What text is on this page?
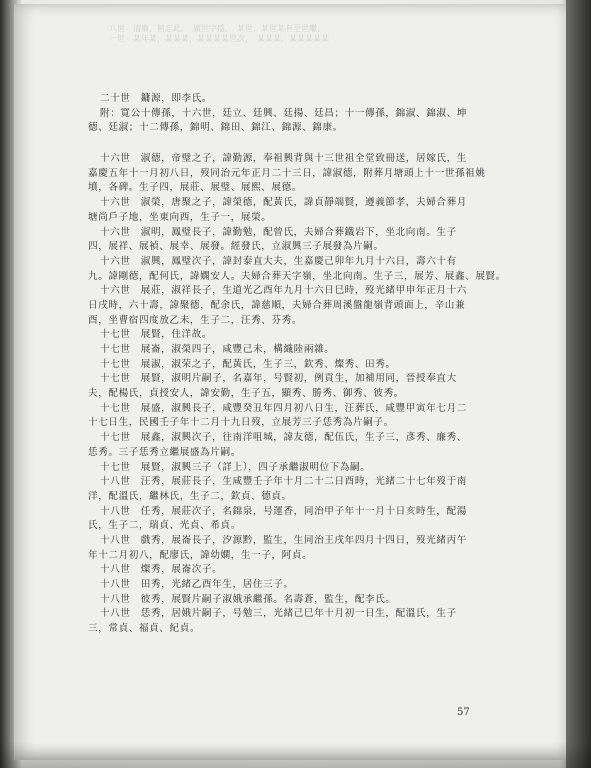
八世　清廉，稍忘此，　廣世字盛，　某世，某世某有至世繼，
一世　某年某，某某某，某某某某世次，　某某某，某某某某某
二十世　鏞源，即李氏。
附：寬公十傳孫，十六世，廷立、廷興、廷揚、廷昌；十一傳孫，錦淑、錦淑、坤
德、廷淑；十二傳孫，錦明、錦田、錦江、錦源、錦康。
十六世　淑德，帝璧之子，諱勤源，奉祖興背與十三世祖全堂致冊送，居嫁氏，生
嘉慶五年十一月初八日，歿同治元年正月二十三日，諱淑德，附葬月塘頭上十一世孫祖姚
墳，各碑。生子四，展莊、展璧、展熙、展德。
十六世　淑榮，唐聚之子，諱榮德，配黃氏，諱貞靜端賢，遵義節孝，夫婦合葬月
塘尚戶子地，坐東向西，生子一，展榮。
十六世　淑明，鳳璧長子，諱勤勉，配曾氏，夫婦合葬鐵岩下，坐北向南。生子
四，展祥、展禎、展幸、展發。經發氏，立淑興三子展發為片嗣。
十六世　淑興，鳳璧次子，諱封泰直大夫，生嘉慶己卯年九月十六日，壽六十有
九。諱剛德，配何氏，諱嫻安人。夫婦合葬天字嶺，坐北向南。生子三，展芳、展鑫、展賢。
十六世　展莊，淑祥長子，生道光乙酉年九月十六日巳時，歿光緒甲申年正月十六
日戌時，六十壽，諱聚德，配余氏，諱慈順，夫婦合葬周溪盤龍嶺背頭面上，辛山兼
酉，坐曹宿四度放乙未，生子二，汪秀、芬秀。
十七世　展賢，住洋故。
十七世　展崙，淑榮四子，咸豐己未，構織陸兩雜。
十七世　展淑，淑荣之子，配黃氏，生子三，欽秀、燦秀、田秀。
十七世　展賢，淑明片嗣子，名嘉年，号賢初，例貢生，加補用同，晉授奉直大
夫，配楊氏，貞授安人，諱安勤，生子五，顯秀、勝秀、御秀、彼秀。
十七世　展盛，淑興長子，咸豐癸丑年四月初八日生，汪葬氏，咸豐甲寅年七月二
十七日生，民國壬子年十二月十九日歿，立展芳三子恁秀為片嗣子。
十七世　展鑫，淑興次子，往南洋咀城，諱友德，配伍氏，生子三，彥秀、廉秀、
恁秀。三子恁秀立繼展盛為片嗣。
十七世　展賢，淑興三子（詳上），四子承繼淑明位下為嗣。
十八世　汪秀，展莊長子，生咸豐壬子年十月二十二日酉時，光緒二十七年歿于南
洋，配溫氏，繼林氏，生子二，欽貞、德貞。
十八世　任秀，展莊次子，名錦泉，号運香，同治甲子年十一月十日亥時生，配湯
氏，生子二，瑞貞、光貞、希貞。
十八世　戲秀，展崙長子，汐源黔，監生，生同治王戌年四月十四日，歿光緒丙午
年十二月初八，配廖氏，諱幼嫻，生一子，阿貞。
十八世　燦秀，展崙次子。
十八世　田秀，光緒乙酉年生，居住三子。
十八世　彼秀，展賢片嗣子淑娥承繼孫。名壽蒼，監生，配李氏。
十八世　恁秀，居娥片嗣子，号勉三，光緒己巳年十月初一日生，配溫氏，生子
三，常貞、福貞、紀貞。
57
